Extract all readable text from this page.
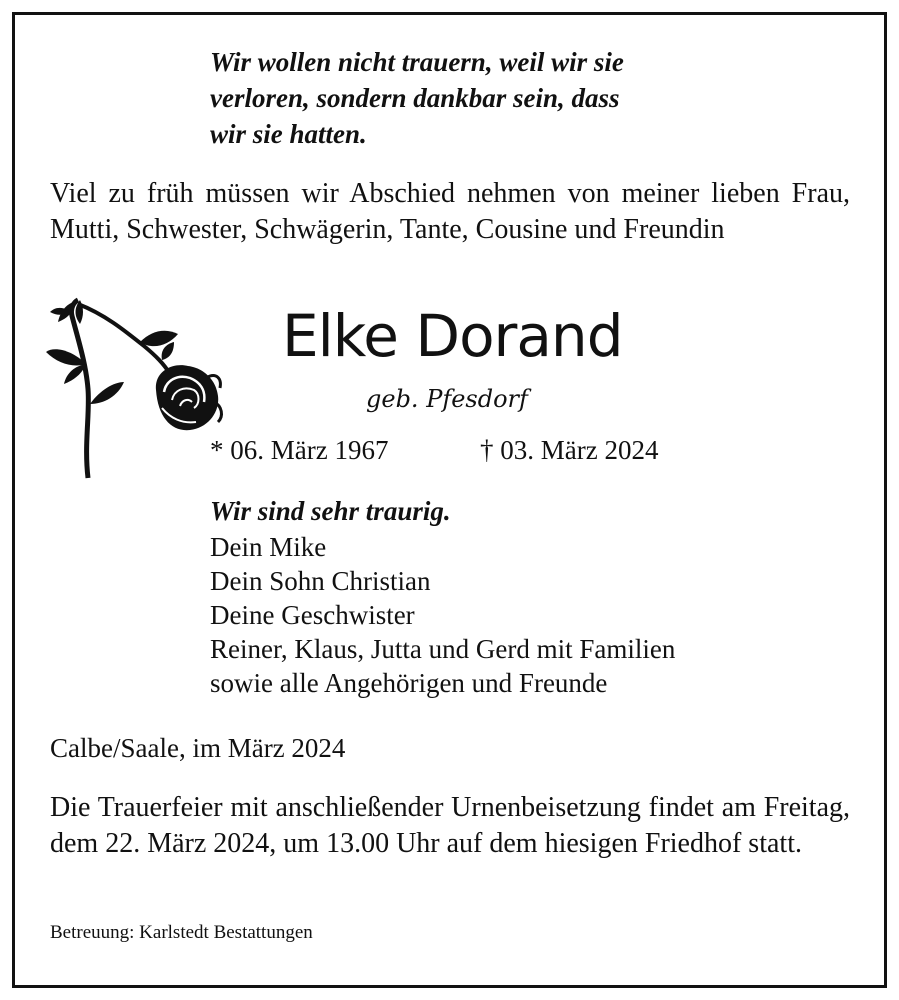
Wir wollen nicht trauern, weil wir sie
verloren, sondern dankbar sein, dass
wir sie hatten.
Viel zu früh müssen wir Abschied nehmen von meiner lieben Frau, Mutti, Schwester, Schwägerin, Tante, Cousine und Freundin
Elke Dorand
geb. Pfesdorf
* 06. März 1967	† 03. März 2024
Wir sind sehr traurig.
Dein Mike
Dein Sohn Christian
Deine Geschwister
Reiner, Klaus, Jutta und Gerd mit Familien
sowie alle Angehörigen und Freunde
Calbe/Saale, im März 2024
Die Trauerfeier mit anschließender Urnenbeisetzung findet am Freitag, dem 22. März 2024, um 13.00 Uhr auf dem hiesigen Friedhof statt.
Betreuung: Karlstedt Bestattungen
